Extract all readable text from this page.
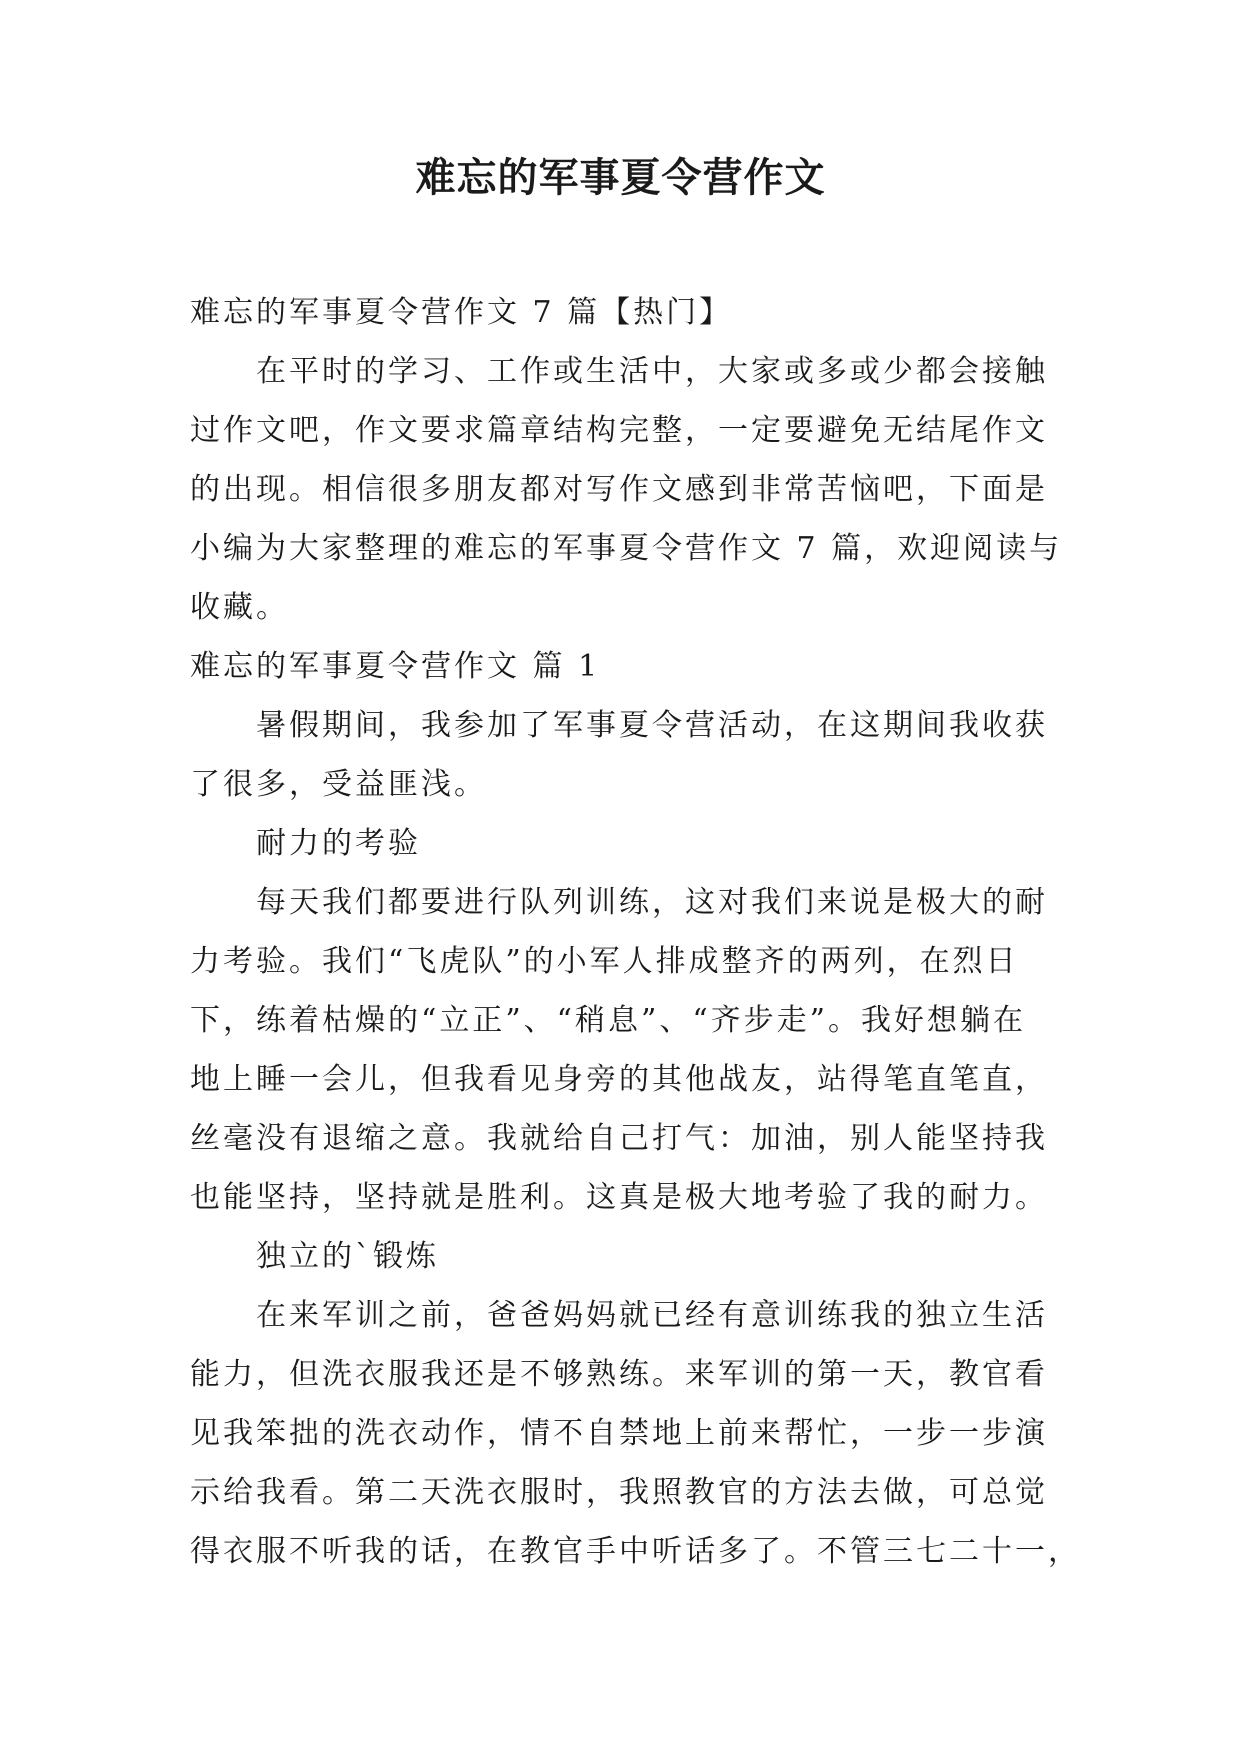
难忘的军事夏令营作文

难忘的军事夏令营作文 7 篇【热门】

在平时的学习、工作或生活中，大家或多或少都会接触

过作文吧，作文要求篇章结构完整，一定要避免无结尾作文

的出现。相信很多朋友都对写作文感到非常苦恼吧，下面是

小编为大家整理的难忘的军事夏令营作文 7 篇，欢迎阅读与

收藏。

难忘的军事夏令营作文 篇 1

暑假期间，我参加了军事夏令营活动，在这期间我收获

了很多，受益匪浅。

耐力的考验

每天我们都要进行队列训练，这对我们来说是极大的耐

力考验。我们“飞虎队”的小军人排成整齐的两列，在烈日

下，练着枯燥的“立正”、“稍息”、“齐步走”。我好想躺在

地上睡一会儿，但我看见身旁的其他战友，站得笔直笔直，

丝毫没有退缩之意。我就给自己打气：加油，别人能坚持我

也能坚持，坚持就是胜利。这真是极大地考验了我的耐力。

独立的`锻炼

在来军训之前，爸爸妈妈就已经有意训练我的独立生活

能力，但洗衣服我还是不够熟练。来军训的第一天，教官看

见我笨拙的洗衣动作，情不自禁地上前来帮忙，一步一步演

示给我看。第二天洗衣服时，我照教官的方法去做，可总觉

得衣服不听我的话，在教官手中听话多了。不管三七二十一，
